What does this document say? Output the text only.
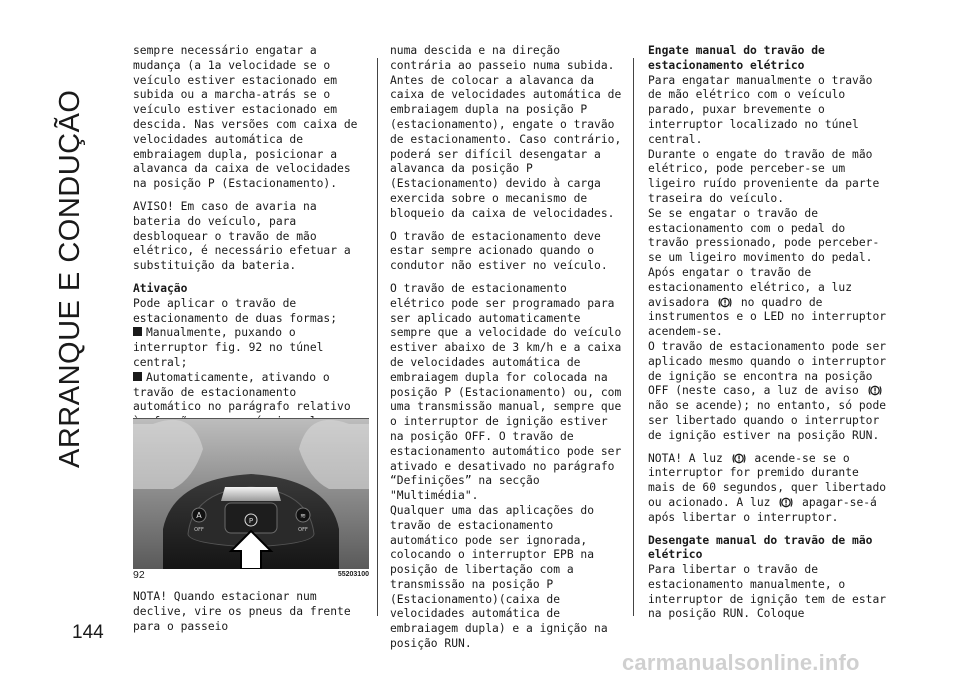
ARRANQUE E CONDUÇÃO
144

sempre necessário engatar a mudança (a 1a velocidade se o veículo estiver estacionado em subida ou a marcha-atrás se o veículo estiver estacionado em descida. Nas versões com caixa de velocidades automática de embraiagem dupla, posicionar a alavanca da caixa de velocidades na posição P (Estacionamento).

AVISO! Em caso de avaria na bateria do veículo, para desbloquear o travão de mão elétrico, é necessário efetuar a substituição da bateria.

Ativação

Pode aplicar o travão de estacionamento de duas formas;

Manualmente, puxando o interruptor fig. 92 no túnel central;

Automaticamente, ativando o travão de estacionamento automático no parágrafo relativo

A
OFF
≋
OFF
P
92	55203100
NOTA! Quando estacionar num declive, vire os pneus da frente para o passeio

numa descida e na direção contrária ao passeio numa subida. Antes de colocar a alavanca da caixa de velocidades automática de embraiagem dupla na posição P (estacionamento), engate o travão de estacionamento. Caso contrário, poderá ser difícil desengatar a alavanca da posição P (Estacionamento) devido à carga exercida sobre o mecanismo de bloqueio da caixa de velocidades.

O travão de estacionamento deve estar sempre acionado quando o condutor não estiver no veículo.

O travão de estacionamento elétrico pode ser programado para ser aplicado automaticamente sempre que a velocidade do veículo estiver abaixo de 3 km/h e a caixa de velocidades automática de embraiagem dupla for colocada na posição P (Estacionamento) ou, com uma transmissão manual, sempre que o interruptor de ignição estiver na posição OFF. O travão de estacionamento automático pode ser ativado e desativado no parágrafo “Definições” na secção "Multimédia".

Qualquer uma das aplicações do travão de estacionamento automático pode ser ignorada, colocando o interruptor EPB na posição de libertação com a transmissão na posição P (Estacionamento)(caixa de velocidades automática de embraiagem dupla) e a ignição na posição RUN.

Engate manual do travão de estacionamento elétrico

Para engatar manualmente o travão de mão elétrico com o veículo parado, puxar brevemente o interruptor localizado no túnel central.

Durante o engate do travão de mão elétrico, pode perceber-se um ligeiro ruído proveniente da parte traseira do veículo.

Se se engatar o travão de estacionamento com o pedal do travão pressionado, pode perceber-se um ligeiro movimento do pedal.

Após engatar o travão de estacionamento elétrico, a luz avisadora  no quadro de instrumentos e o LED no interruptor acendem-se.

O travão de estacionamento pode ser aplicado mesmo quando o interruptor de ignição se encontra na posição OFF (neste caso, a luz de aviso  não se acende); no entanto, só pode ser libertado quando o interruptor de ignição estiver na posição RUN.

NOTA! A luz  acende-se se o interruptor for premido durante mais de 60 segundos, quer libertado ou acionado. A luz  apagar-se-á após libertar o interruptor.

Desengate manual do travão de mão elétrico

Para libertar o travão de estacionamento manualmente, o interruptor de ignição tem de estar na posição RUN. Coloque

carmanualsonline.info
